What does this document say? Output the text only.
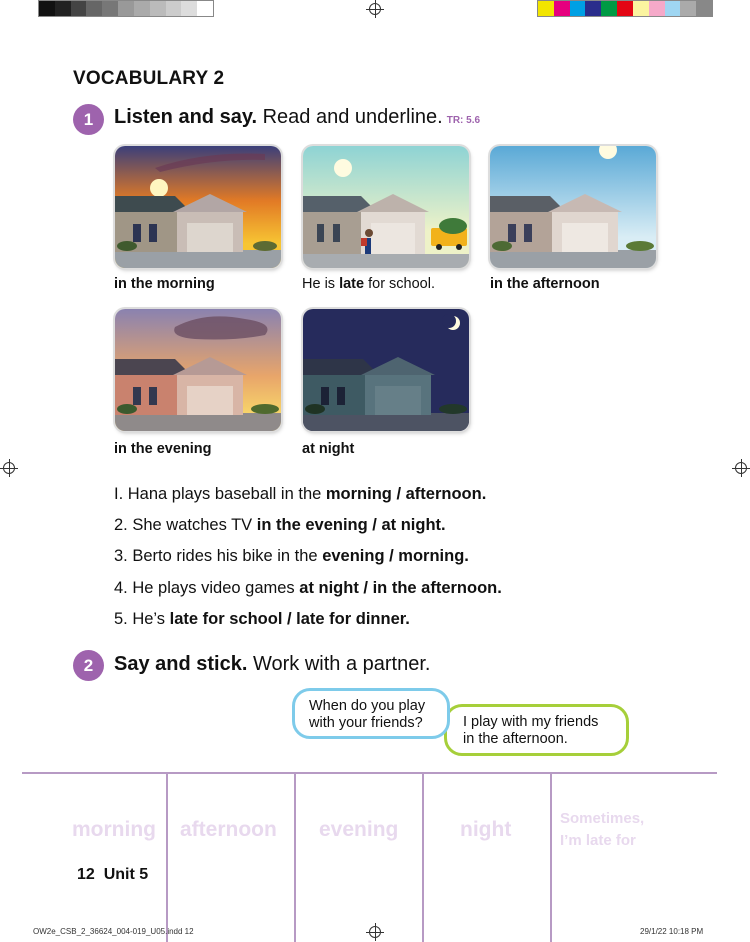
VOCABULARY 2
1	Listen and say. Read and underline. TR: 5.6
in the morning	He is late for school.	in the afternoon
in the evening	at night
I. Hana plays baseball in the morning / afternoon.
2. She watches TV in the evening / at night.
3. Berto rides his bike in the evening / morning.
4. He plays video games at night / in the afternoon.
5. He’s late for school / late for dinner.
2	Say and stick. Work with a partner.
I play with my friends
in the afternoon.
When do you play
with your friends?
morning afternoon evening	night	Sometimes,
I’m late for
12 Unit 5
OW2e_CSB_2_36624_004-019_U05.indd 12	29/1/22 10:18 PM
